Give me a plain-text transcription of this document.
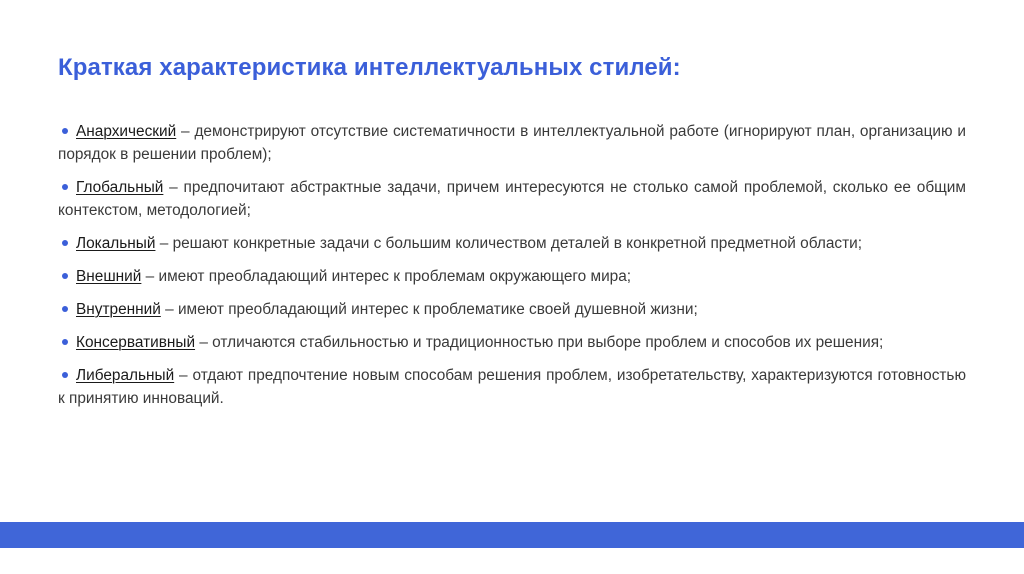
Краткая характеристика интеллектуальных стилей:
Анархический – демонстрируют отсутствие систематичности в интеллектуальной работе (игнорируют план, организацию и порядок в решении проблем);
Глобальный – предпочитают абстрактные задачи, причем интересуются не столько самой проблемой, сколько ее общим контекстом, методологией;
Локальный – решают конкретные задачи с большим количеством деталей в конкретной предметной области;
Внешний – имеют преобладающий интерес к проблемам окружающего мира;
Внутренний – имеют преобладающий интерес к проблематике своей душевной жизни;
Консервативный – отличаются стабильностью и традиционностью при выборе проблем и способов их решения;
Либеральный – отдают предпочтение новым способам решения проблем, изобретательству, характеризуются готовностью к принятию инноваций.
